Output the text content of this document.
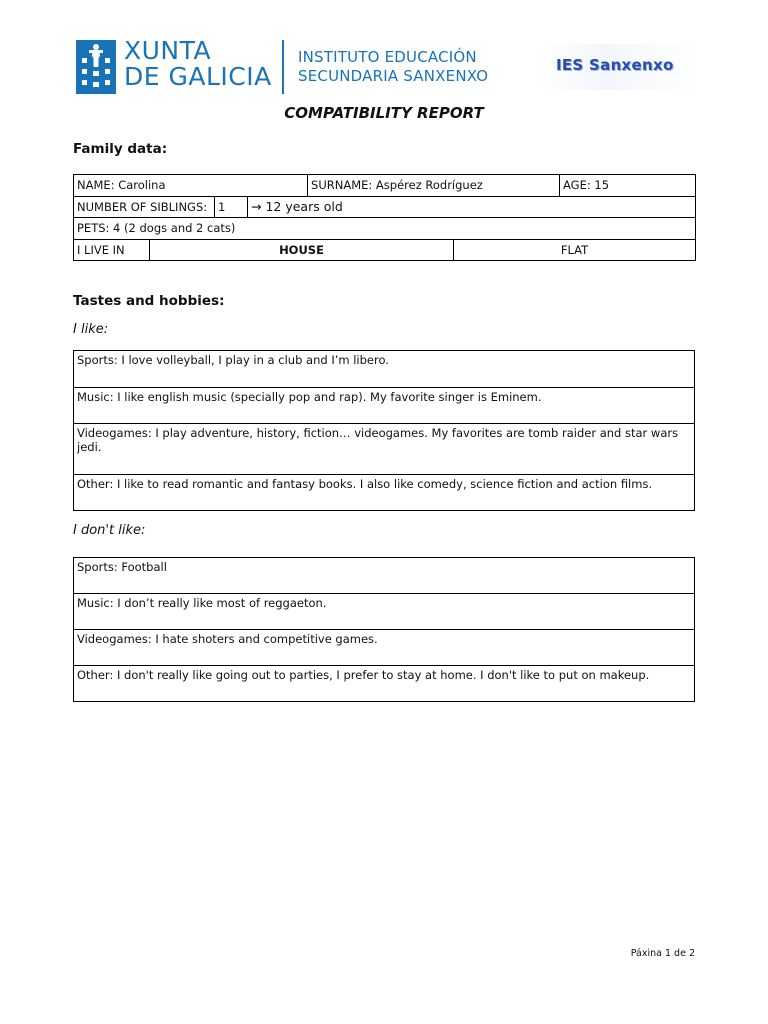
XUNTA
DE GALICIA
INSTITUTO EDUCACIÓN
SECUNDARIA SANXENXO
IES Sanxenxo
COMPATIBILITY REPORT
Family data:
NAME: Carolina				SURNAME: Aspérez Rodríguez		AGE: 15
NUMBER OF SIBLINGS:		1	→ 12 years old			
PETS: 4 (2 dogs and 2 cats)						
I LIVE IN	HOUSE				FLAT	
Tastes and hobbies:
I like:
Sports: I love volleyball, I play in a club and I’m libero.
Music: I like english music (specially pop and rap). My favorite singer is Eminem.
Videogames: I play adventure, history, fiction… videogames. My favorites are tomb raider and star wars jedi.
Other: I like to read romantic and fantasy books. I also like comedy, science fiction and action films.
I don't like:
Sports: Football
Music: I don’t really like most of reggaeton.
Videogames: I hate shoters and competitive games.
Other: I don't really like going out to parties, I prefer to stay at home. I don't like to put on makeup.
Páxina 1 de 2
